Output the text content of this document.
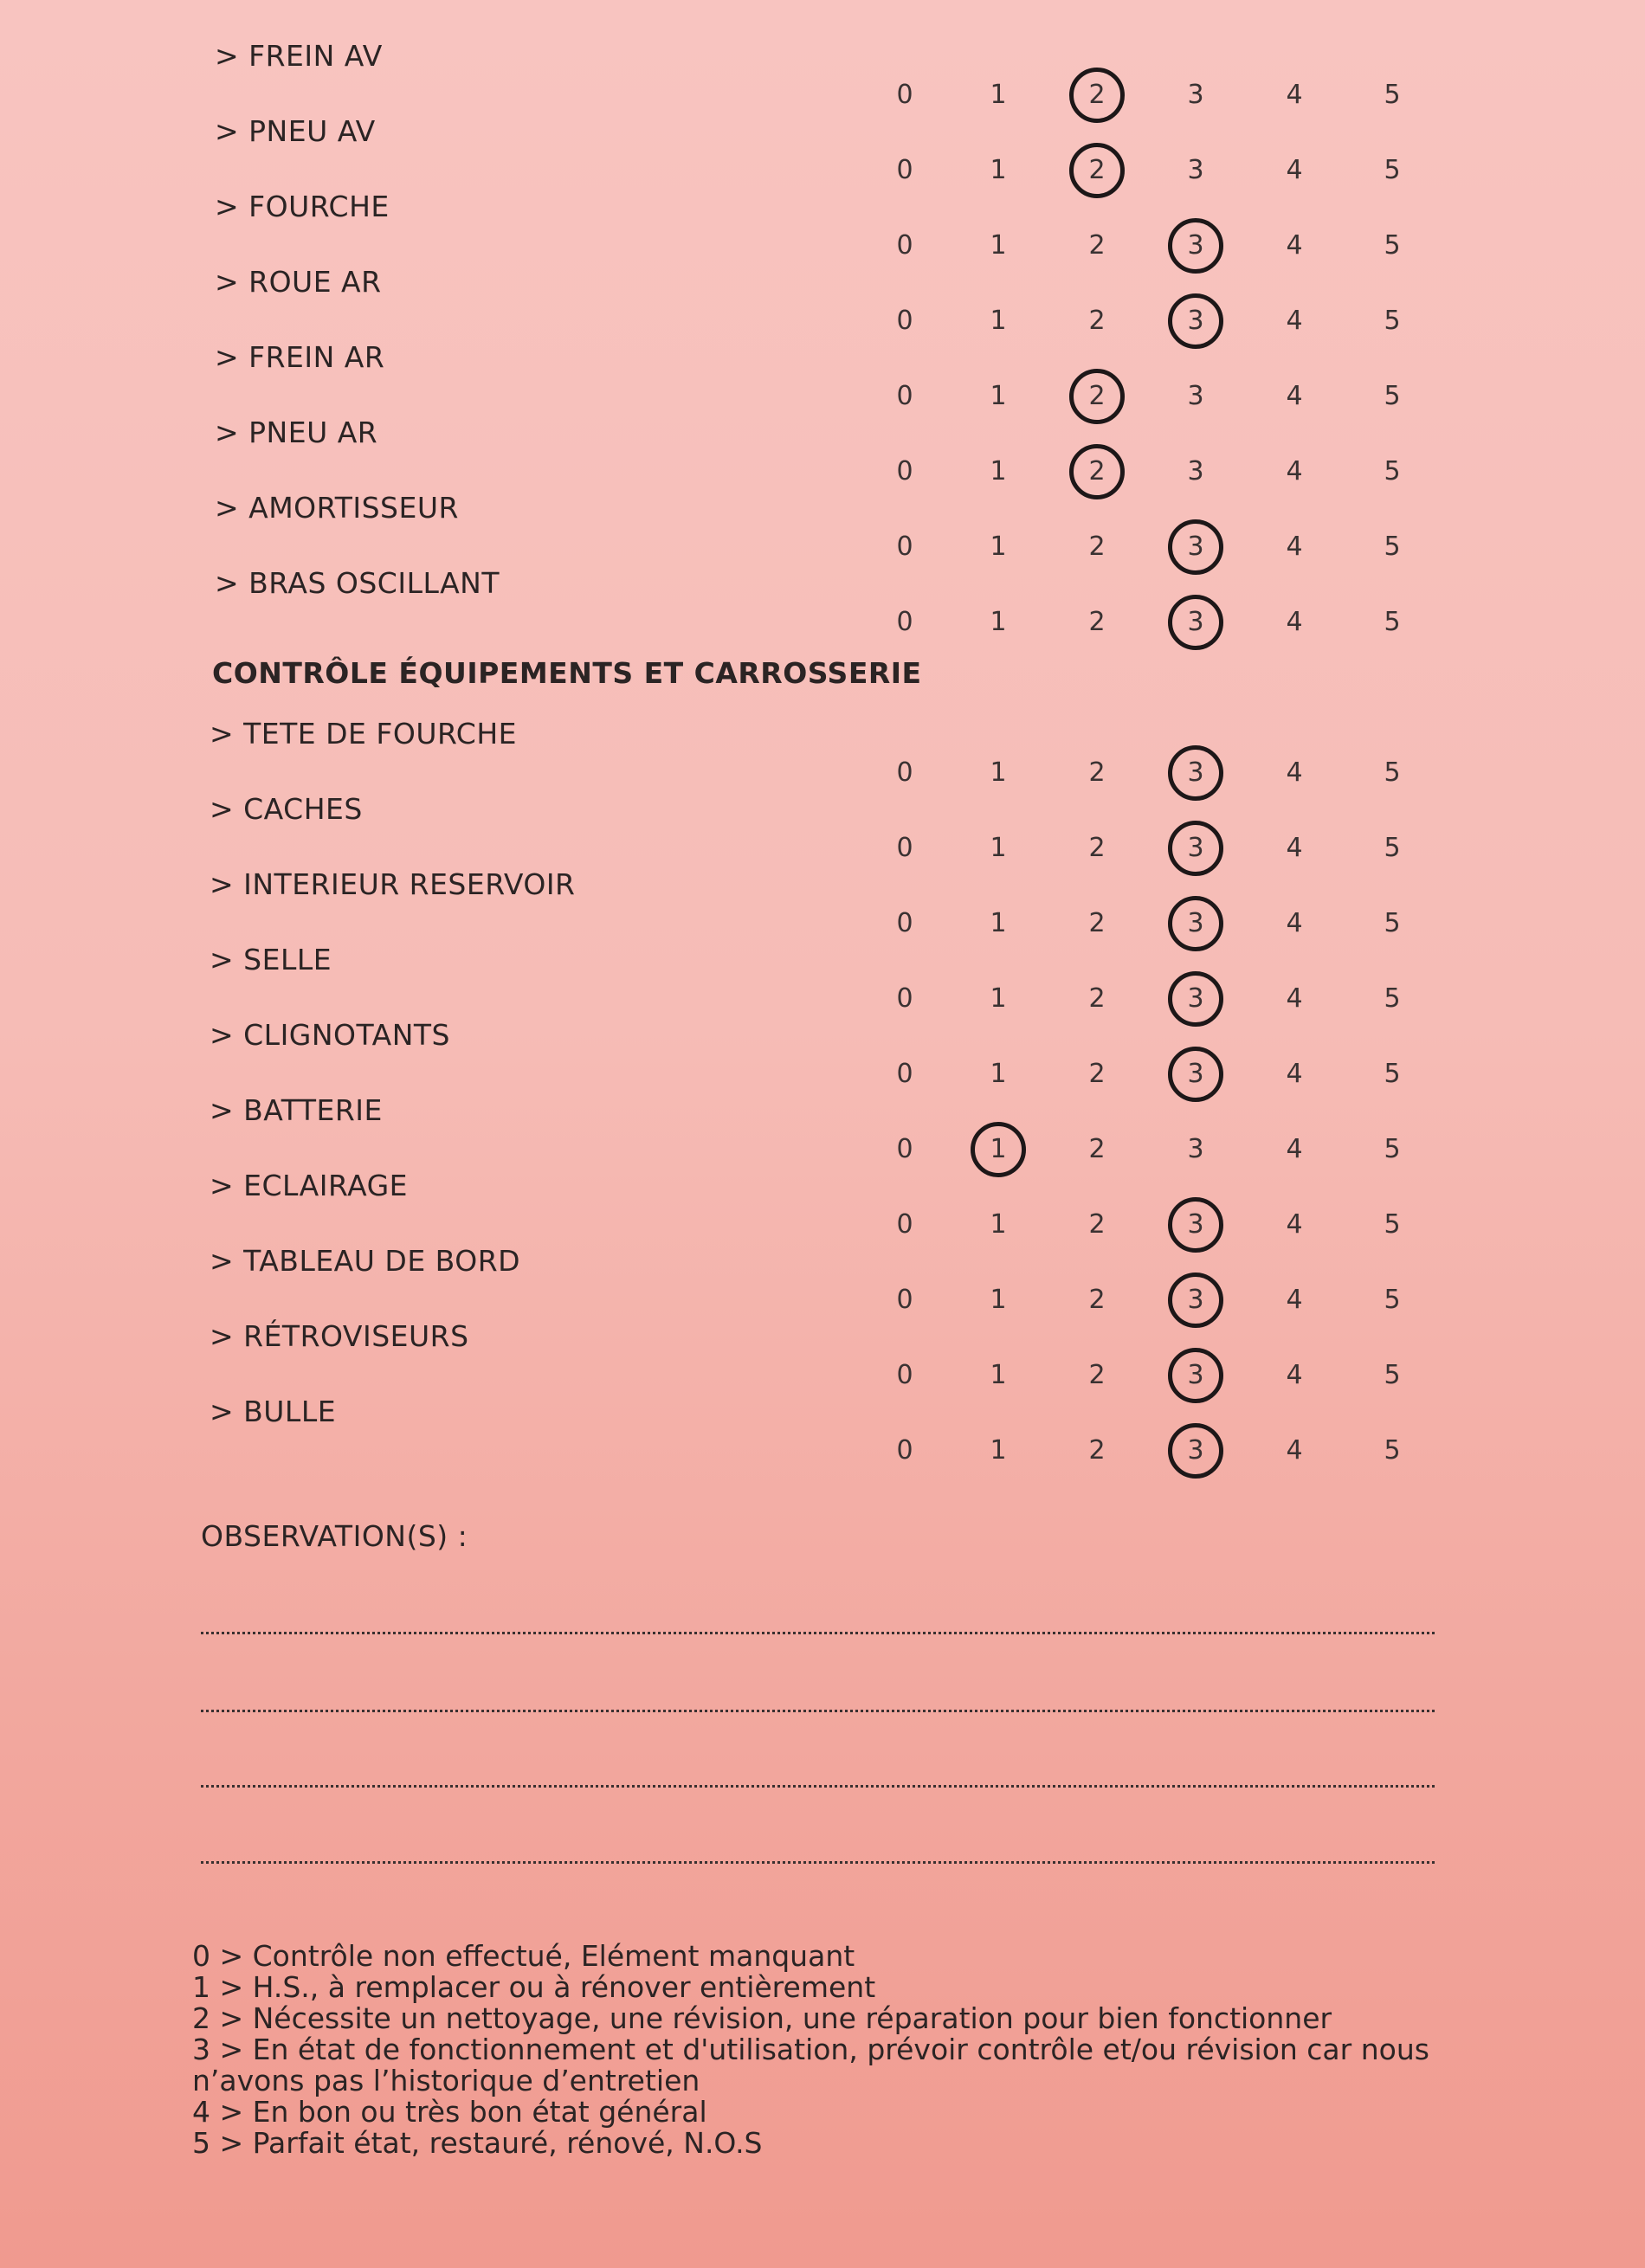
> FREIN AV
0	1	2	3	4	5
> PNEU AV
0	1	2	3	4	5
> FOURCHE
0	1	2	3	4	5
> ROUE AR
0	1	2	3	4	5
> FREIN AR
0	1	2	3	4	5
> PNEU AR
0	1	2	3	4	5
> AMORTISSEUR
0	1	2	3	4	5
> BRAS OSCILLANT
0	1	2	3	4	5
CONTRÔLE ÉQUIPEMENTS ET CARROSSERIE
> TETE DE FOURCHE
0	1	2	3	4	5
> CACHES
0	1	2	3	4	5
> INTERIEUR RESERVOIR
0	1	2	3	4	5
> SELLE
0	1	2	3	4	5
> CLIGNOTANTS
0	1	2	3	4	5
> BATTERIE
0	1	2	3	4	5
> ECLAIRAGE
0	1	2	3	4	5
> TABLEAU DE BORD
0	1	2	3	4	5
> RÉTROVISEURS
0	1	2	3	4	5
> BULLE
0	1	2	3	4	5
OBSERVATION(S) :
0 > Contrôle non effectué, Elément manquant
1 > H.S., à remplacer ou à rénover entièrement
2 > Nécessite un nettoyage, une révision, une réparation pour bien fonctionner
3 > En état de fonctionnement et d'utilisation, prévoir contrôle et/ou révision car nous
n’avons pas l’historique d’entretien
4 > En bon ou très bon état général
5 > Parfait état, restauré, rénové, N.O.S
